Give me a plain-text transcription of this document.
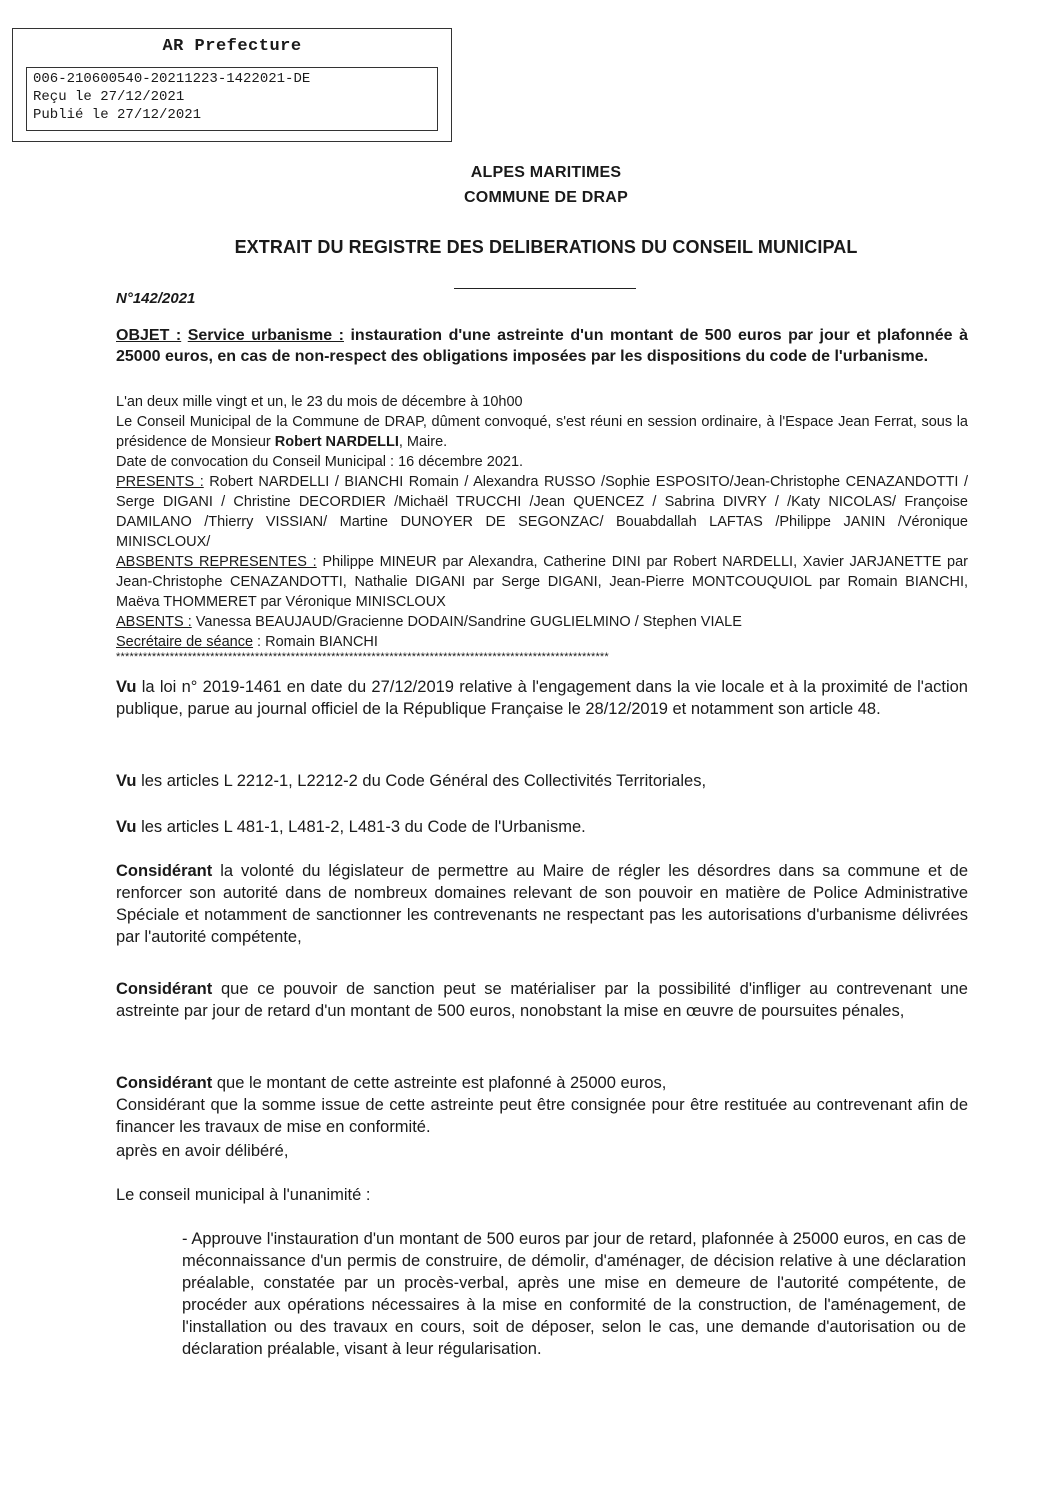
AR Prefecture
006-210600540-20211223-1422021-DE
Reçu le 27/12/2021
Publié le 27/12/2021
ALPES MARITIMES
COMMUNE DE DRAP
EXTRAIT DU REGISTRE DES DELIBERATIONS DU CONSEIL MUNICIPAL
N°142/2021
OBJET : Service urbanisme : instauration d'une astreinte d'un montant de 500 euros par jour et plafonnée à 25000 euros, en cas de non-respect des obligations imposées par les dispositions du code de l'urbanisme.
L'an deux mille vingt et un, le 23 du mois de décembre à 10h00
Le Conseil Municipal de la Commune de DRAP, dûment convoqué, s'est réuni en session ordinaire, à l'Espace Jean Ferrat, sous la présidence de Monsieur Robert NARDELLI, Maire.
Date de convocation du Conseil Municipal : 16 décembre 2021.
PRESENTS : Robert NARDELLI / BIANCHI Romain / Alexandra RUSSO /Sophie ESPOSITO/Jean-Christophe CENAZANDOTTI / Serge DIGANI / Christine DECORDIER /Michaël TRUCCHI /Jean QUENCEZ / Sabrina DIVRY / /Katy NICOLAS/ Françoise DAMILANO /Thierry VISSIAN/ Martine DUNOYER DE SEGONZAC/ Bouabdallah LAFTAS /Philippe JANIN /Véronique MINISCLOUX/
ABSBENTS REPRESENTES : Philippe MINEUR par Alexandra, Catherine DINI par Robert NARDELLI, Xavier JARJANETTE par Jean-Christophe CENAZANDOTTI, Nathalie DIGANI par Serge DIGANI, Jean-Pierre MONTCOUQUIOL par Romain BIANCHI, Maëva THOMMERET par Véronique MINISCLOUX
ABSENTS : Vanessa BEAUJAUD/Gracienne DODAIN/Sandrine GUGLIELMINO / Stephen VIALE
Secrétaire de séance : Romain BIANCHI
**************************************************************************************************************
Vu la loi n° 2019-1461 en date du 27/12/2019 relative à l'engagement dans la vie locale et à la proximité de l'action publique, parue au journal officiel de la République Française le 28/12/2019 et notamment son article 48.
Vu les articles L 2212-1, L2212-2 du Code Général des Collectivités Territoriales,
Vu les articles L 481-1, L481-2, L481-3 du Code de l'Urbanisme.
Considérant la volonté du législateur de permettre au Maire de régler les désordres dans sa commune et de renforcer son autorité dans de nombreux domaines relevant de son pouvoir en matière de Police Administrative Spéciale et notamment de sanctionner les contrevenants ne respectant pas les autorisations d'urbanisme délivrées par l'autorité compétente,
Considérant que ce pouvoir de sanction peut se matérialiser par la possibilité d'infliger au contrevenant une astreinte par jour de retard d'un montant de 500 euros, nonobstant la mise en œuvre de poursuites pénales,
Considérant que le montant de cette astreinte est plafonné à 25000 euros,
Considérant que la somme issue de cette astreinte peut être consignée pour être restituée au contrevenant afin de financer les travaux de mise en conformité.
après en avoir délibéré,
Le conseil municipal à l'unanimité :
- Approuve l'instauration d'un montant de 500 euros par jour de retard, plafonnée à 25000 euros, en cas de méconnaissance d'un permis de construire, de démolir, d'aménager, de décision relative à une déclaration préalable, constatée par un procès-verbal, après une mise en demeure de l'autorité compétente, de procéder aux opérations nécessaires à la mise en conformité de la construction, de l'aménagement, de l'installation ou des travaux en cours, soit de déposer, selon le cas, une demande d'autorisation ou de déclaration préalable, visant à leur régularisation.
